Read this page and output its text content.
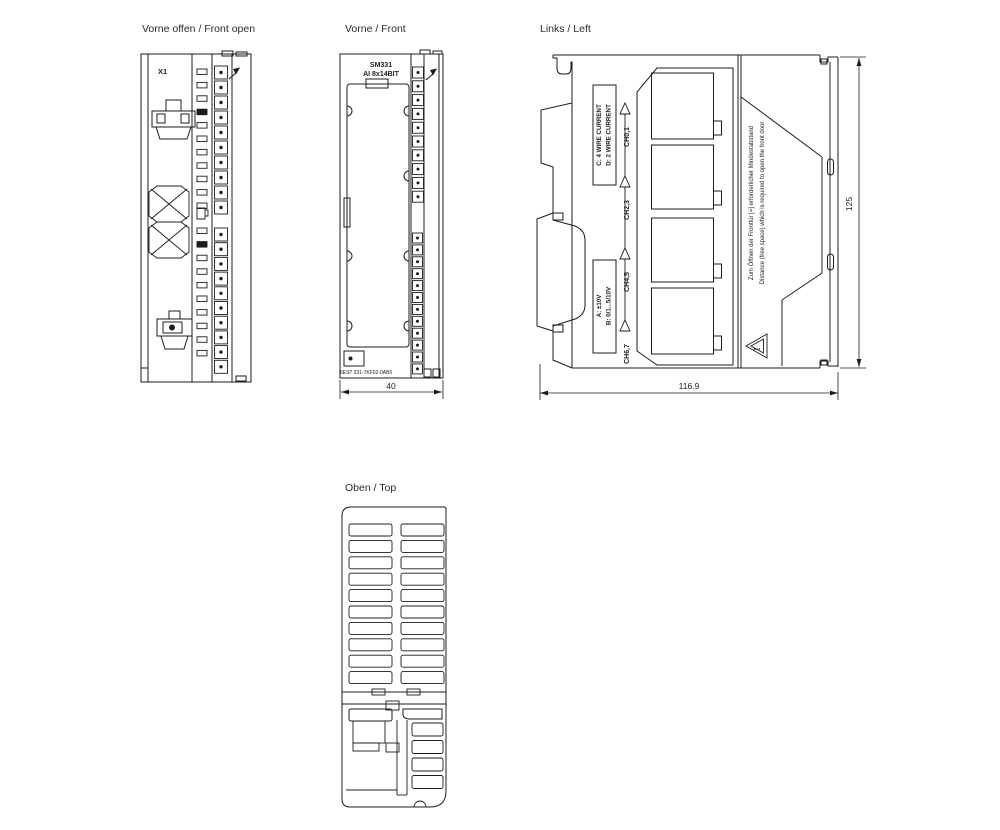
Vorne offen / Front open	Vorne / Front	Links / Left
Oben / Top
X1
SM331
AI 8x14BIT
6ES7 331-7KF02-0AB0
40
C: 4 WIRE CURRENT D: 2 WIRE CURRENT
A: ±10V B: 0/1...5/10V
CH0,1
CH2,3
CH4,5
CH6,7
Zum Öffnen der Fronttür [=] erforderlicher Mindestabstand Distance (free space) which is required to open the front door
!
116.9
125
